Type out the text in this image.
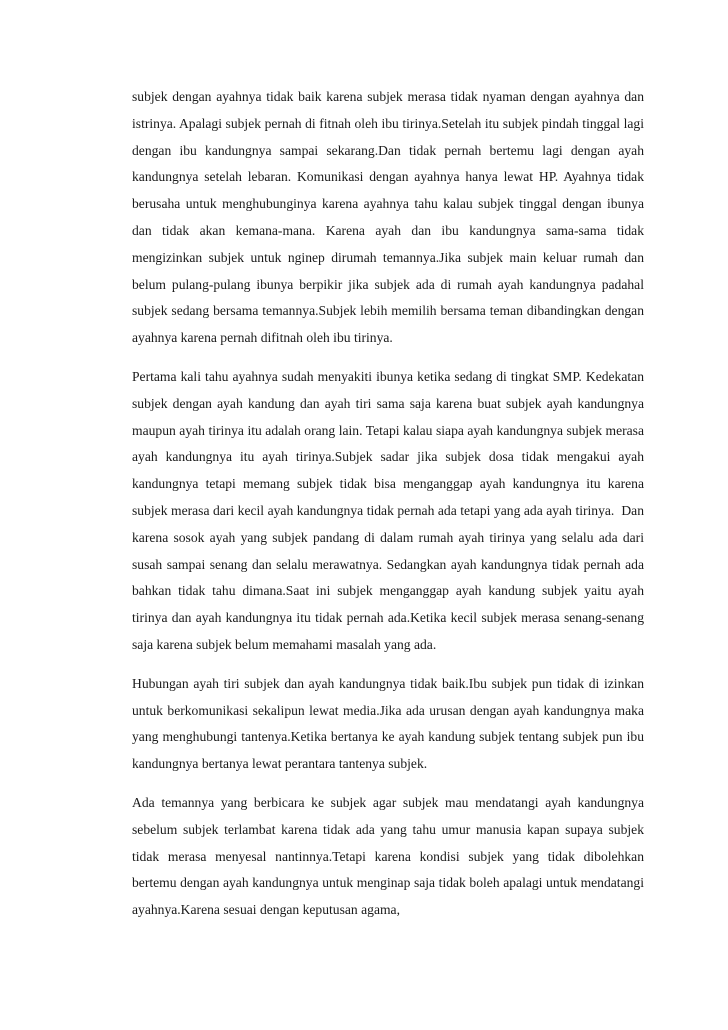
subjek dengan ayahnya tidak baik karena subjek merasa tidak nyaman dengan ayahnya dan istrinya. Apalagi subjek pernah di fitnah oleh ibu tirinya.Setelah itu subjek pindah tinggal lagi dengan ibu kandungnya sampai sekarang.Dan tidak pernah bertemu lagi dengan ayah kandungnya setelah lebaran. Komunikasi dengan ayahnya hanya lewat HP. Ayahnya tidak berusaha untuk menghubunginya karena ayahnya tahu kalau subjek tinggal dengan ibunya dan tidak akan kemana-mana. Karena ayah dan ibu kandungnya sama-sama tidak mengizinkan subjek untuk nginep dirumah temannya.Jika subjek main keluar rumah dan belum pulang-pulang ibunya berpikir jika subjek ada di rumah ayah kandungnya padahal subjek sedang bersama temannya.Subjek lebih memilih bersama teman dibandingkan dengan ayahnya karena pernah difitnah oleh ibu tirinya.

Pertama kali tahu ayahnya sudah menyakiti ibunya ketika sedang di tingkat SMP. Kedekatan subjek dengan ayah kandung dan ayah tiri sama saja karena buat subjek ayah kandungnya maupun ayah tirinya itu adalah orang lain. Tetapi kalau siapa ayah kandungnya subjek merasa ayah kandungnya itu ayah tirinya.Subjek sadar jika subjek dosa tidak mengakui ayah kandungnya tetapi memang subjek tidak bisa menganggap ayah kandungnya itu karena subjek merasa dari kecil ayah kandungnya tidak pernah ada tetapi yang ada ayah tirinya.  Dan karena sosok ayah yang subjek pandang di dalam rumah ayah tirinya yang selalu ada dari susah sampai senang dan selalu merawatnya. Sedangkan ayah kandungnya tidak pernah ada bahkan tidak tahu dimana.Saat ini subjek menganggap ayah kandung subjek yaitu ayah tirinya dan ayah kandungnya itu tidak pernah ada.Ketika kecil subjek merasa senang-senang saja karena subjek belum memahami masalah yang ada.

Hubungan ayah tiri subjek dan ayah kandungnya tidak baik.Ibu subjek pun tidak di izinkan untuk berkomunikasi sekalipun lewat media.Jika ada urusan dengan ayah kandungnya maka yang menghubungi tantenya.Ketika bertanya ke ayah kandung subjek tentang subjek pun ibu kandungnya bertanya lewat perantara tantenya subjek.

Ada temannya yang berbicara ke subjek agar subjek mau mendatangi ayah kandungnya sebelum subjek terlambat karena tidak ada yang tahu umur manusia kapan supaya subjek tidak merasa menyesal nantinnya.Tetapi karena kondisi subjek yang tidak dibolehkan bertemu dengan ayah kandungnya untuk menginap saja tidak boleh apalagi untuk mendatangi ayahnya.Karena sesuai dengan keputusan agama,
